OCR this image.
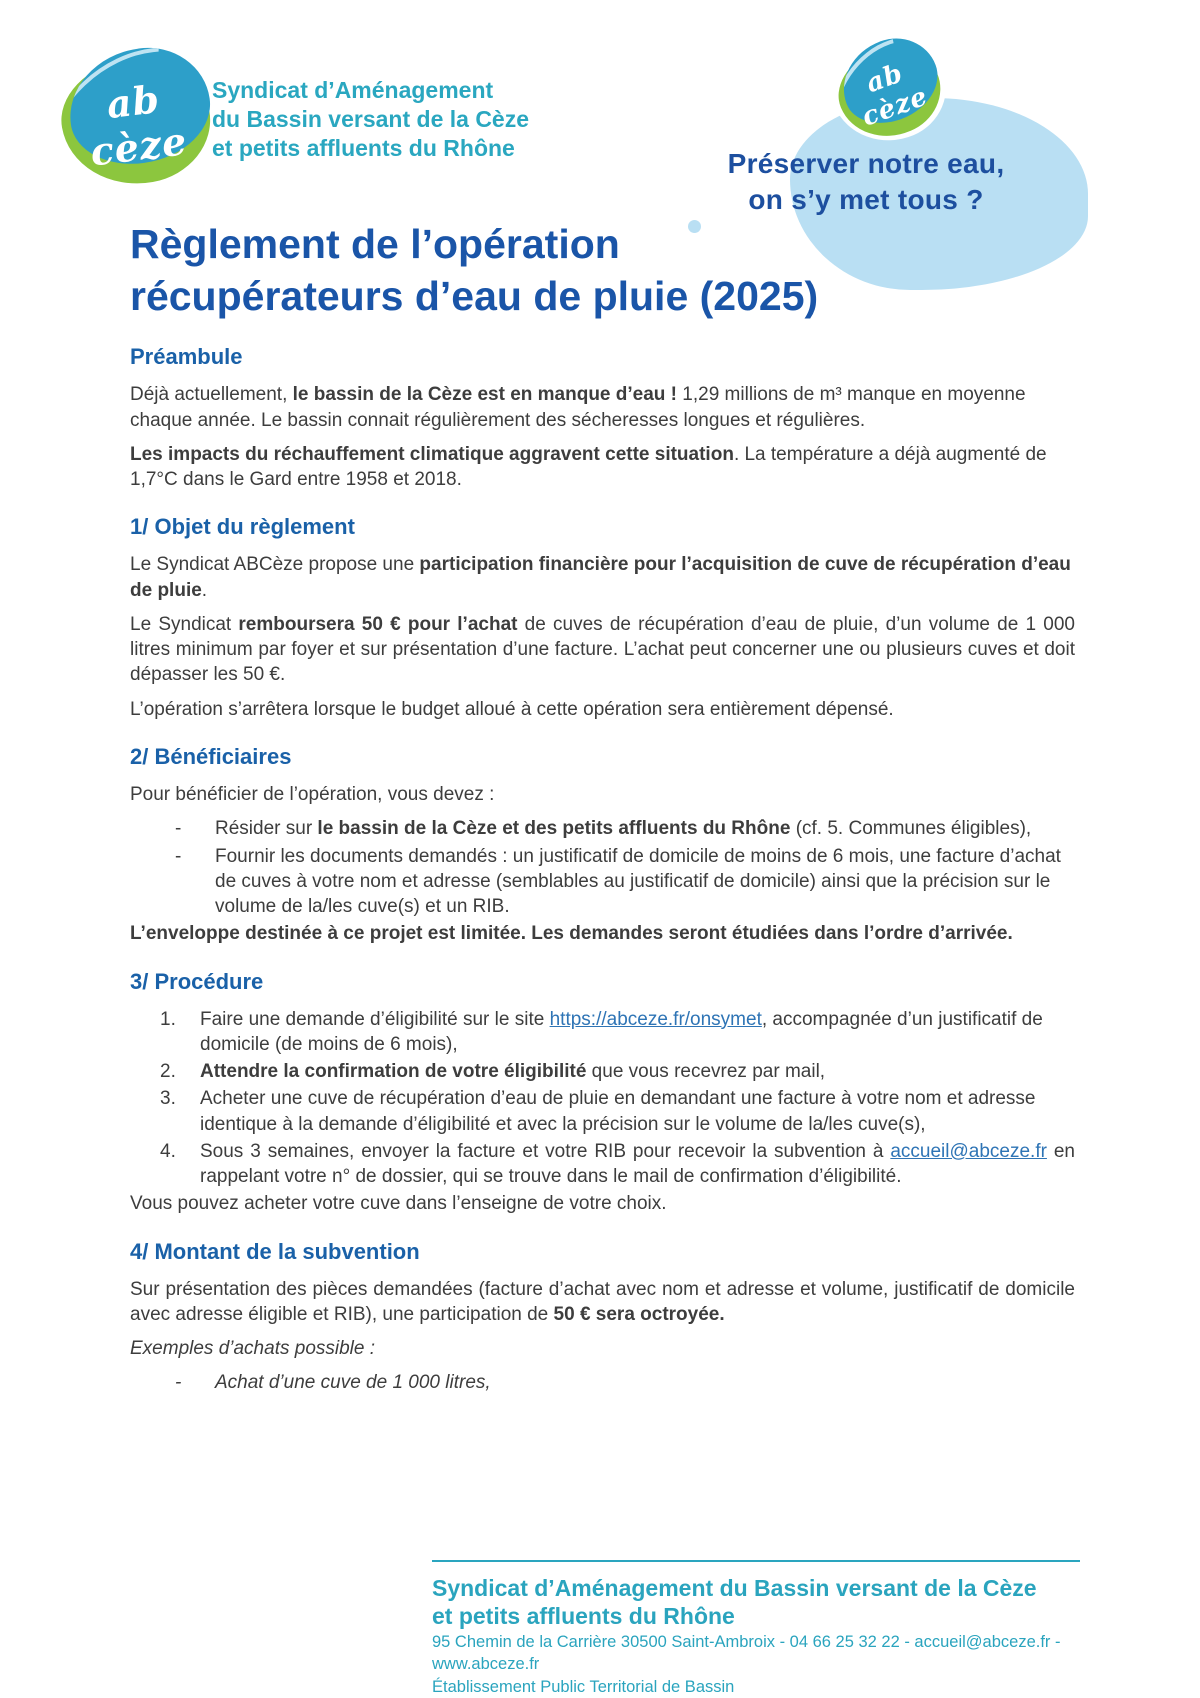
ab cèze
Syndicat d’Aménagement
du Bassin versant de la Cèze
et petits affluents du Rhône
ab cèze
Préserver notre eau,
on s’y met tous ?
Règlement de l’opération
récupérateurs d’eau de pluie (2025)
Préambule

Déjà actuellement, le bassin de la Cèze est en manque d’eau ! 1,29 millions de m³ manque en moyenne chaque année. Le bassin connait régulièrement des sécheresses longues et régulières.

Les impacts du réchauffement climatique aggravent cette situation. La température a déjà augmenté de 1,7°C dans le Gard entre 1958 et 2018.

1/ Objet du règlement

Le Syndicat ABCèze propose une participation financière pour l’acquisition de cuve de récupération d’eau de pluie.

Le Syndicat remboursera 50 € pour l’achat de cuves de récupération d’eau de pluie, d’un volume de 1 000 litres minimum par foyer et sur présentation d’une facture. L’achat peut concerner une ou plusieurs cuves et doit dépasser les 50 €.

L’opération s’arrêtera lorsque le budget alloué à cette opération sera entièrement dépensé.

2/ Bénéficiaires

Pour bénéficier de l’opération, vous devez :

-	Résider sur le bassin de la Cèze et des petits affluents du Rhône (cf. 5. Communes éligibles),
-	Fournir les documents demandés : un justificatif de domicile de moins de 6 mois, une facture d’achat de cuves à votre nom et adresse (semblables au justificatif de domicile) ainsi que la précision sur le volume de la/les cuve(s) et un RIB.

L’enveloppe destinée à ce projet est limitée. Les demandes seront étudiées dans l’ordre d’arrivée.

3/ Procédure
1.	Faire une demande d’éligibilité sur le site https://abceze.fr/onsymet, accompagnée d’un justificatif de domicile (de moins de 6 mois),
2.	Attendre la confirmation de votre éligibilité que vous recevrez par mail,
3.	Acheter une cuve de récupération d’eau de pluie en demandant une facture à votre nom et adresse identique à la demande d’éligibilité et avec la précision sur le volume de la/les cuve(s),
4.	Sous 3 semaines, envoyer la facture et votre RIB pour recevoir la subvention à accueil@abceze.fr en rappelant votre n° de dossier, qui se trouve dans le mail de confirmation d’éligibilité.

Vous pouvez acheter votre cuve dans l’enseigne de votre choix.

4/ Montant de la subvention

Sur présentation des pièces demandées (facture d’achat avec nom et adresse et volume, justificatif de domicile avec adresse éligible et RIB), une participation de 50 € sera octroyée.

Exemples d’achats possible :

-	Achat d’une cuve de 1 000 litres,
Syndicat d’Aménagement du Bassin versant de la Cèze
et petits affluents du Rhône
95 Chemin de la Carrière 30500 Saint-Ambroix - 04 66 25 32 22 - accueil@abceze.fr - www.abceze.fr
Établissement Public Territorial de Bassin
